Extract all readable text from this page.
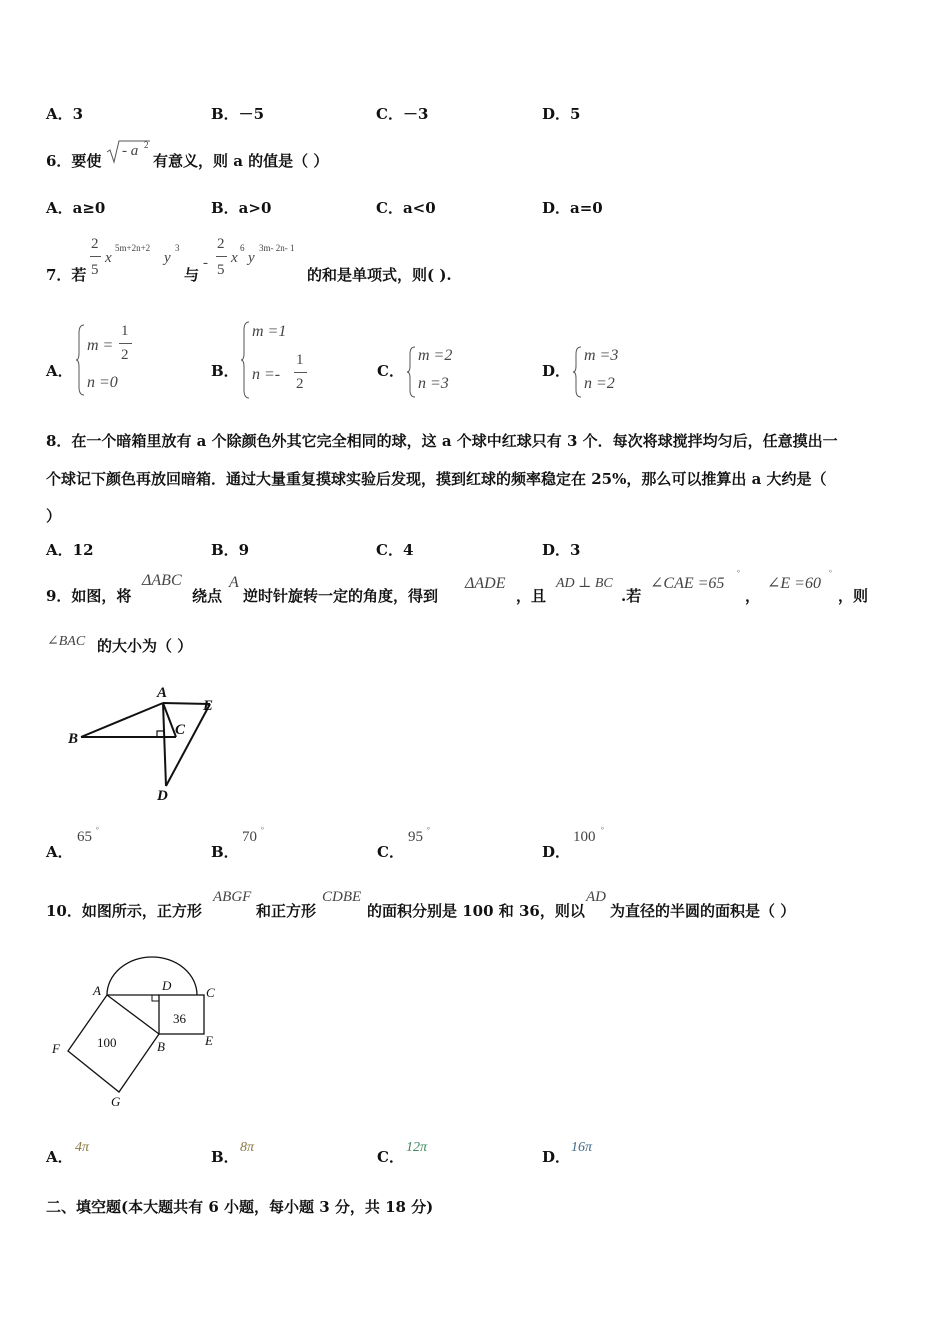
A．3	B．－5	C．－3	D．5
6．要使
- a 2
有意义，则 a 的值是（ ）
A．a≥0	B．a>0	C．a<0	D．a=0
7．若
2
5
x
5m+2n+2
y
3
与
-
2
5
x
6
y
3m- 2n- 1
的和是单项式，则( ).
A．
m =
1
2
n =0
B．
m =1
n =-
1
2
C．
m =2
n =3
D．
m =3
n =2
8．在一个暗箱里放有 a 个除颜色外其它完全相同的球，这 a 个球中红球只有 3 个．每次将球搅拌均匀后，任意摸出一
个球记下颜色再放回暗箱．通过大量重复摸球实验后发现，摸到红球的频率稳定在 25%，那么可以推算出 a 大约是（
）
A．12	B．9	C．4	D．3
9．如图，将
ΔABC
绕点
A
逆时针旋转一定的角度，得到
ΔADE
，且
AD ⊥ BC
.若
∠CAE =65
°
，
∠E =60
°
，则
∠BAC 的大小为（ ）
A
E
C
B
D
A．
65 °
B．
70 °
C．
95 °
D．
100 °
10．如图所示，正方形
ABGF
和正方形
CDBE
的面积分别是 100 和 36，则以
AD
为直径的半圆的面积是（ ）
A	D	C
F	B	E
G
100
36
A．
4π
B．
8π
C．
12π
D．
16π
二、填空题(本大题共有 6 小题，每小题 3 分，共 18 分)
